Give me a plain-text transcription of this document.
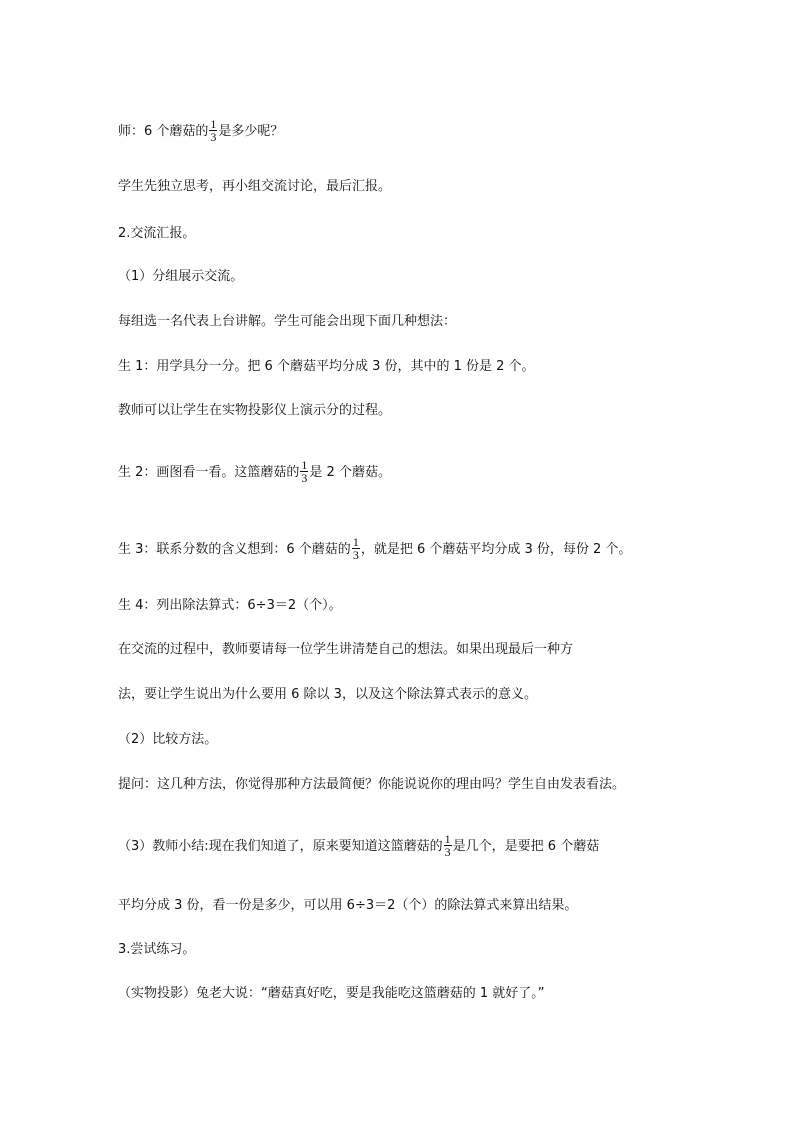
师：6 个蘑菇的 $\frac{1}{3}$ 是多少呢？
学生先独立思考，再小组交流讨论，最后汇报。
2.交流汇报。
（1）分组展示交流。
每组选一名代表上台讲解。学生可能会出现下面几种想法：
生 1：用学具分一分。把 6 个蘑菇平均分成 3 份，其中的 1 份是 2 个。
教师可以让学生在实物投影仪上演示分的过程。
生 2：画图看一看。这篮蘑菇的 $\frac{1}{3}$ 是 2 个蘑菇。
生 3：联系分数的含义想到：6 个蘑菇的 $\frac{1}{3}$ ，就是把 6 个蘑菇平均分成 3 份，每份 2 个。
生 4：列出除法算式：6÷3＝2（个）。
在交流的过程中，教师要请每一位学生讲清楚自己的想法。如果出现最后一种方
法，要让学生说出为什么要用 6 除以 3，以及这个除法算式表示的意义。
（2）比较方法。
提问：这几种方法，你觉得那种方法最简便？你能说说你的理由吗？学生自由发表看法。
（3）教师小结:现在我们知道了，原来要知道这篮蘑菇的 $\frac{1}{3}$ 是几个，是要把 6 个蘑菇
平均分成 3 份，看一份是多少，可以用 6÷3＝2（个）的除法算式来算出结果。
3.尝试练习。
（实物投影）兔老大说：“蘑菇真好吃，要是我能吃这篮蘑菇的 1 就好了。”
